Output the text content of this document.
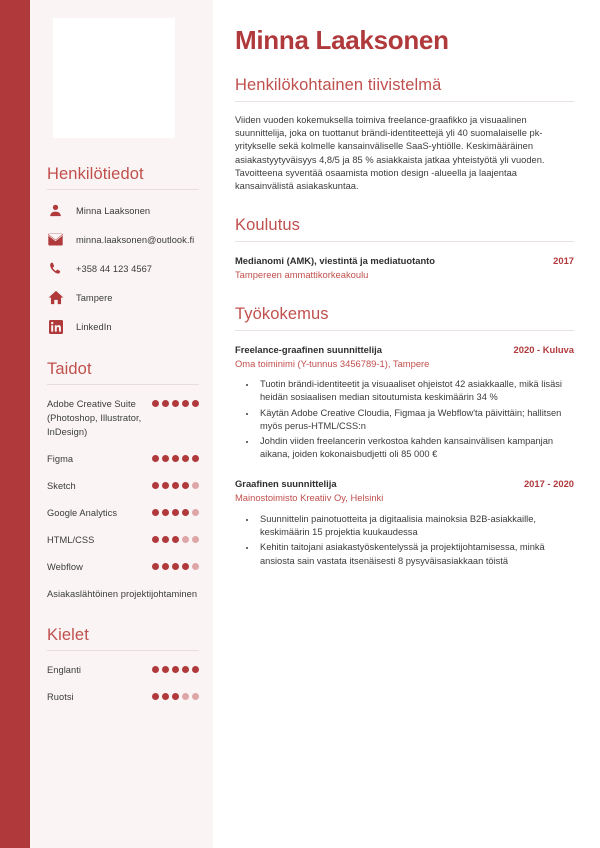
Henkilötiedot
Minna Laaksonen
minna.laaksonen@outlook.fi
+358 44 123 4567
Tampere
LinkedIn
Taidot
Adobe Creative Suite (Photoshop, Illustrator, InDesign)
Figma
Sketch
Google Analytics
HTML/CSS
Webflow
Asiakaslähtöinen projektijohtaminen
Kielet
Englanti
Ruotsi
Minna Laaksonen
Henkilökohtainen tiivistelmä

Viiden vuoden kokemuksella toimiva freelance-graafikko ja visuaalinen suunnittelija, joka on tuottanut brändi-identiteettejä yli 40 suomalaiselle pk-yritykselle sekä kolmelle kansainväliselle SaaS-yhtiölle. Keskimääräinen asiakastyytyväisyys 4,8/5 ja 85 % asiakkaista jatkaa yhteistyötä yli vuoden. Tavoitteena syventää osaamista motion design -alueella ja laajentaa kansainvälistä asiakaskuntaa.

Koulutus
Medianomi (AMK), viestintä ja mediatuotanto	2017
Tampereen ammattikorkeakoulu
Työkokemus
Freelance-graafinen suunnittelija	2020 - Kuluva
Oma toiminimi (Y-tunnus 3456789-1), Tampere
• Tuotin brändi-identiteetit ja visuaaliset ohjeistot 42 asiakkaalle, mikä lisäsi heidän sosiaalisen median sitoutumista keskimäärin 34 %
• Käytän Adobe Creative Cloudia, Figmaa ja Webflow'ta päivittäin; hallitsen myös perus-HTML/CSS:n
• Johdin viiden freelancerin verkostoa kahden kansainvälisen kampanjan aikana, joiden kokonaisbudjetti oli 85 000 €
Graafinen suunnittelija	2017 - 2020
Mainostoimisto Kreatiiv Oy, Helsinki
• Suunnittelin painotuotteita ja digitaalisia mainoksia B2B-asiakkaille, keskimäärin 15 projektia kuukaudessa
• Kehitin taitojani asiakastyöskentelyssä ja projektijohtamisessa, minkä ansiosta sain vastata itsenäisesti 8 pysyväisasiakkaan töistä
